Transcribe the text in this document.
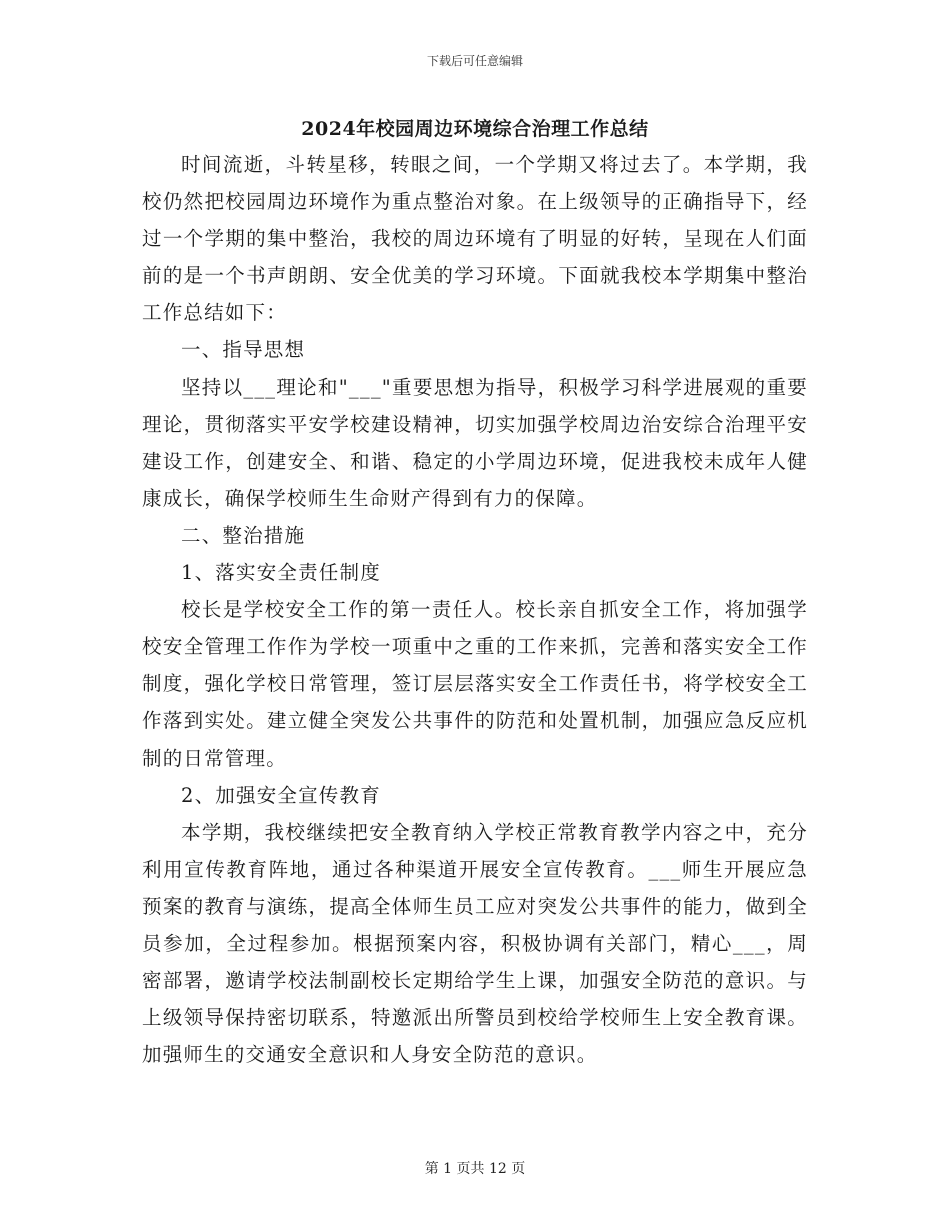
下载后可任意编辑
2024年校园周边环境综合治理工作总结

时间流逝，斗转星移，转眼之间，一个学期又将过去了。本学期，我校仍然把校园周边环境作为重点整治对象。在上级领导的正确指导下，经过一个学期的集中整治，我校的周边环境有了明显的好转，呈现在人们面前的是一个书声朗朗、安全优美的学习环境。下面就我校本学期集中整治工作总结如下：

一、指导思想

坚持以___理论和"___"重要思想为指导，积极学习科学进展观的重要理论，贯彻落实平安学校建设精神，切实加强学校周边治安综合治理平安建设工作，创建安全、和谐、稳定的小学周边环境，促进我校未成年人健康成长，确保学校师生生命财产得到有力的保障。

二、整治措施

1、落实安全责任制度

校长是学校安全工作的第一责任人。校长亲自抓安全工作，将加强学校安全管理工作作为学校一项重中之重的工作来抓，完善和落实安全工作制度，强化学校日常管理，签订层层落实安全工作责任书，将学校安全工作落到实处。建立健全突发公共事件的防范和处置机制，加强应急反应机制的日常管理。

2、加强安全宣传教育

本学期，我校继续把安全教育纳入学校正常教育教学内容之中，充分利用宣传教育阵地，通过各种渠道开展安全宣传教育。___师生开展应急预案的教育与演练，提高全体师生员工应对突发公共事件的能力，做到全员参加，全过程参加。根据预案内容，积极协调有关部门，精心___，周密部署，邀请学校法制副校长定期给学生上课，加强安全防范的意识。与上级领导保持密切联系，特邀派出所警员到校给学校师生上安全教育课。加强师生的交通安全意识和人身安全防范的意识。

第 1 页共 12 页
